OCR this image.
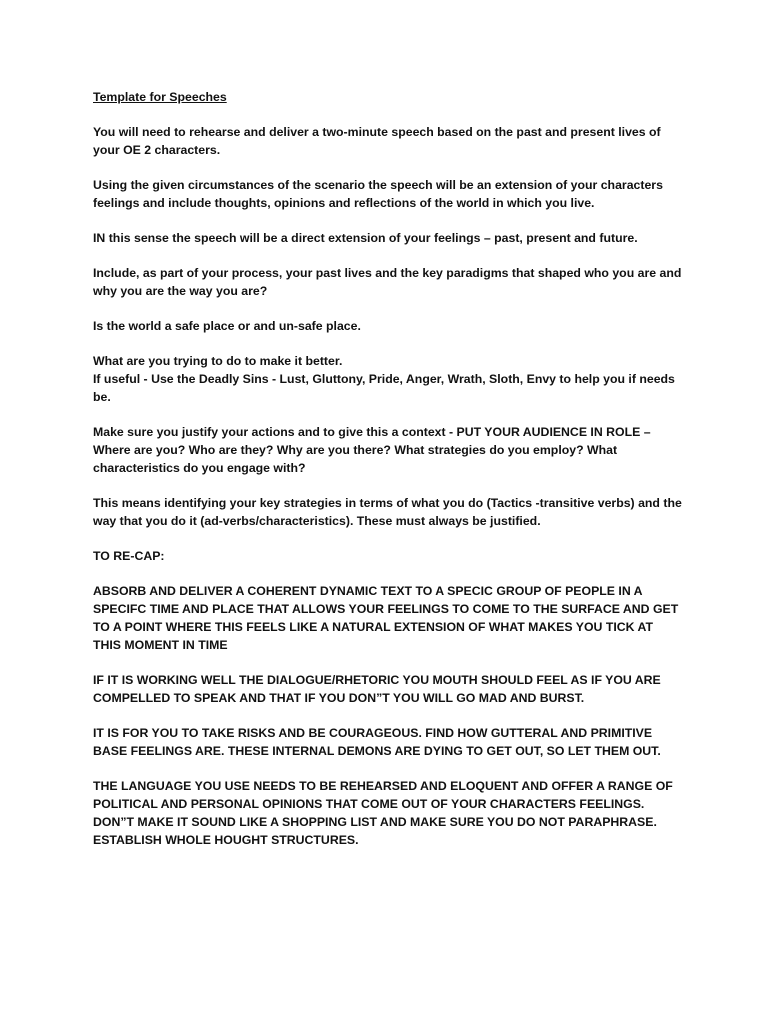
Template for Speeches

You will need to rehearse and deliver a two-minute speech based on the past and present lives of your OE 2 characters.

Using the given circumstances of the scenario the speech will be an extension of your characters feelings and include thoughts, opinions and reflections of the world in which you live.

IN this sense the speech will be a direct extension of your feelings – past, present and future.

Include, as part of your process, your past lives and the key paradigms that shaped who you are and why you are the way you are?

Is the world a safe place or and un-safe place.

What are you trying to do to make it better.
If useful - Use the Deadly Sins - Lust, Gluttony, Pride, Anger, Wrath, Sloth, Envy to help you if needs be.

Make sure you justify your actions and to give this a context - PUT YOUR AUDIENCE IN ROLE – Where are you? Who are they? Why are you there? What strategies do you employ? What characteristics do you engage with?

This means identifying your key strategies in terms of what you do (Tactics -transitive verbs) and the way that you do it (ad-verbs/characteristics). These must always be justified.

TO RE-CAP:

ABSORB AND DELIVER A COHERENT DYNAMIC TEXT TO A SPECIC GROUP OF PEOPLE IN A SPECIFC TIME AND PLACE THAT ALLOWS YOUR FEELINGS TO COME TO THE SURFACE AND GET TO A POINT WHERE THIS FEELS LIKE A NATURAL EXTENSION OF WHAT MAKES YOU TICK AT THIS MOMENT IN TIME

IF IT IS WORKING WELL THE DIALOGUE/RHETORIC YOU MOUTH SHOULD FEEL AS IF YOU ARE COMPELLED TO SPEAK AND THAT IF YOU DON”T YOU WILL GO MAD AND BURST.

IT IS FOR YOU TO TAKE RISKS AND BE COURAGEOUS. FIND HOW GUTTERAL AND PRIMITIVE BASE FEELINGS ARE. THESE INTERNAL DEMONS ARE DYING TO GET OUT, SO LET THEM OUT.

THE LANGUAGE YOU USE NEEDS TO BE REHEARSED AND ELOQUENT AND OFFER A RANGE OF POLITICAL AND PERSONAL OPINIONS THAT COME OUT OF YOUR CHARACTERS FEELINGS. DON”T MAKE IT SOUND LIKE A SHOPPING LIST AND MAKE SURE YOU DO NOT PARAPHRASE. ESTABLISH WHOLE HOUGHT STRUCTURES.
